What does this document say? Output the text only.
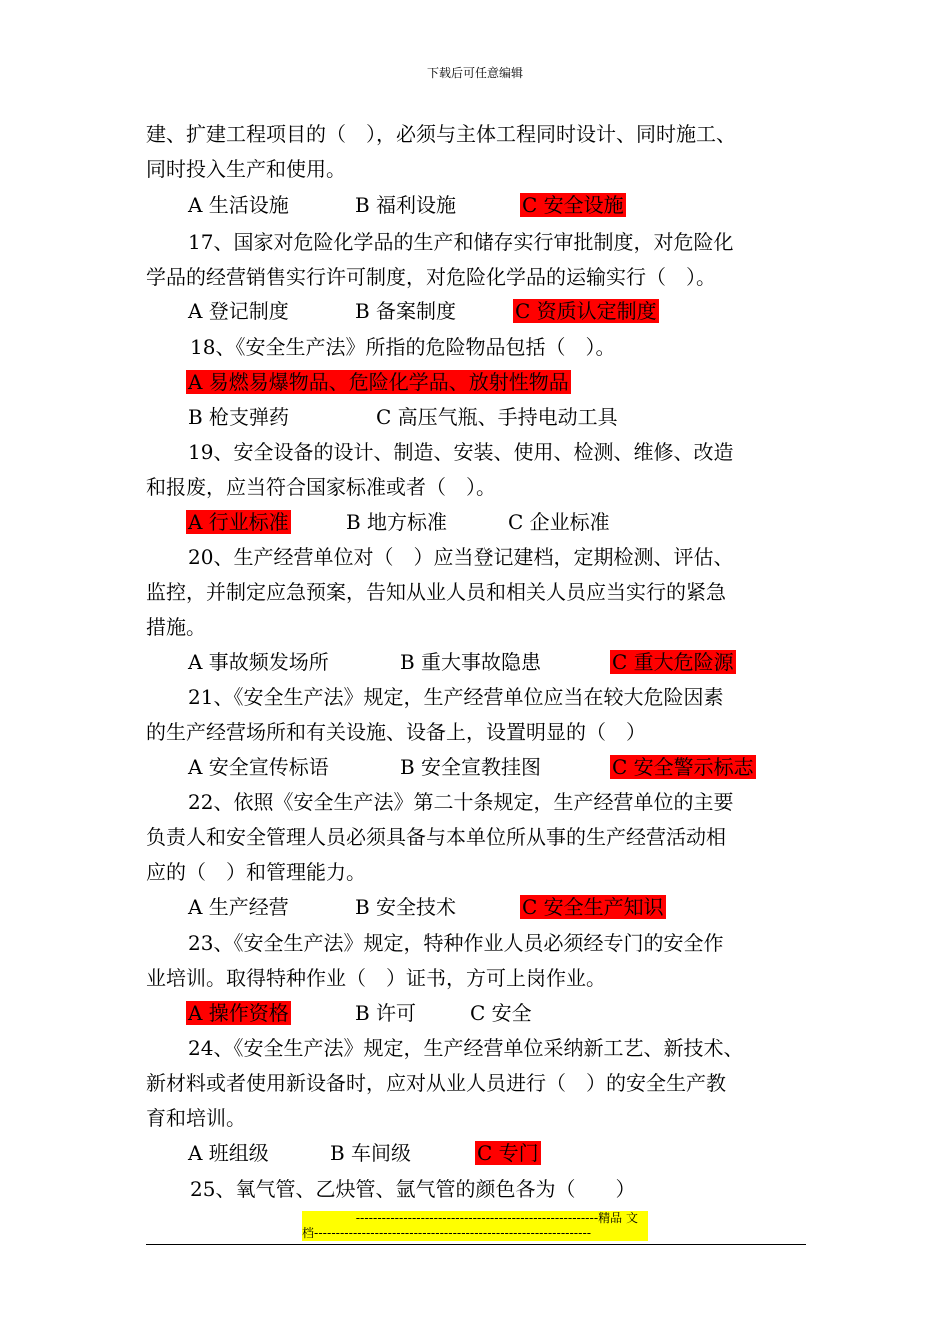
下载后可任意编辑
建、扩建工程项目的（　），必须与主体工程同时设计、同时施工、
同时投入生产和使用。
A 生活设施	B 福利设施	C 安全设施
17、国家对危险化学品的生产和储存实行审批制度，对危险化
学品的经营销售实行许可制度，对危险化学品的运输实行（　）。
A 登记制度	B 备案制度	C 资质认定制度
18、《安全生产法》所指的危险物品包括（　）。
A 易燃易爆物品、危险化学品、放射性物品
B 枪支弹药	C 高压气瓶、手持电动工具
19、安全设备的设计、制造、安装、使用、检测、维修、改造
和报废，应当符合国家标准或者（　）。
A 行业标准	B 地方标准	C 企业标准
20、生产经营单位对（　）应当登记建档，定期检测、评估、
监控，并制定应急预案，告知从业人员和相关人员应当实行的紧急
措施。
A 事故频发场所	B 重大事故隐患	C 重大危险源
21、《安全生产法》规定，生产经营单位应当在较大危险因素
的生产经营场所和有关设施、设备上，设置明显的（　）
A 安全宣传标语	B 安全宣教挂图	C 安全警示标志
22、依照《安全生产法》第二十条规定，生产经营单位的主要
负责人和安全管理人员必须具备与本单位所从事的生产经营活动相
应的（　）和管理能力。
A 生产经营	B 安全技术	C 安全生产知识
23、《安全生产法》规定，特种作业人员必须经专门的安全作
业培训。取得特种作业（　）证书，方可上岗作业。
A 操作资格	B 许可	C 安全
24、《安全生产法》规定，生产经营单位采纳新工艺、新技术、
新材料或者使用新设备时，应对从业人员进行（　）的安全生产教
育和培训。
A 班组级	B 车间级	C 专门
25、氧气管、乙炔管、氩气管的颜色各为（　　）
--------------------------------------------------------精品 文
档----------------------------------------------------------------
